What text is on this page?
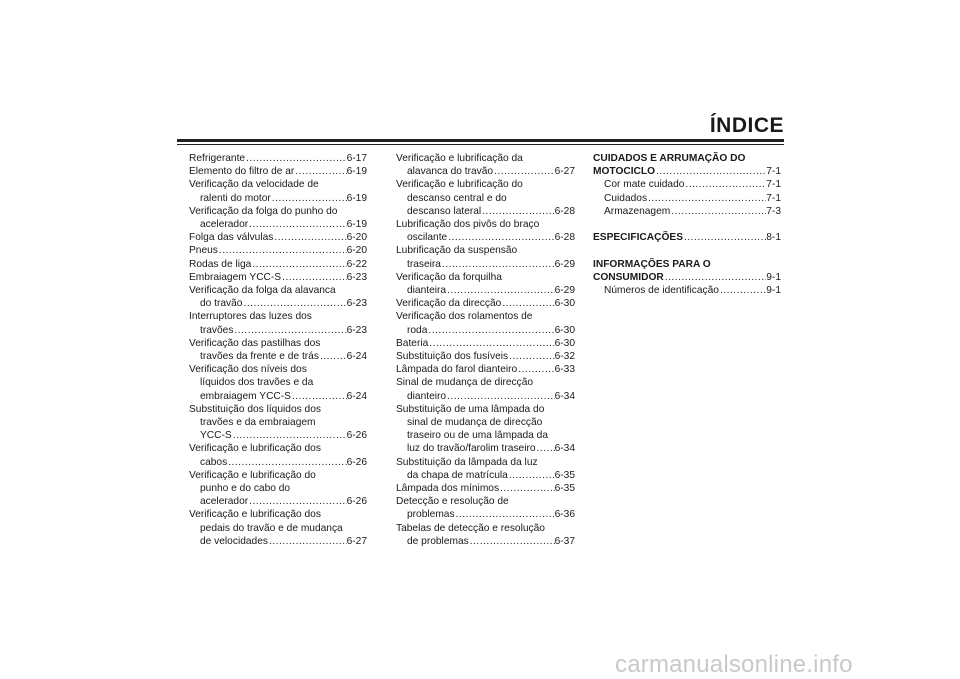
ÍNDICE
Refrigerante .....	6-17
Elemento do filtro de ar .....	6-19
Verificação da velocidade de
ralenti do motor .....	6-19
Verificação da folga do punho do
acelerador .....	6-19
Folga das válvulas .....	6-20
Pneus .....	6-20
Rodas de liga .....	6-22
Embraiagem YCC-S .....	6-23
Verificação da folga da alavanca
do travão .....	6-23
Interruptores das luzes dos
travões .....	6-23
Verificação das pastilhas dos
travões da frente e de trás .....	6-24
Verificação dos níveis dos
líquidos dos travões e da
embraiagem YCC-S .....	6-24
Substituição dos líquidos dos
travões e da embraiagem
YCC-S .....	6-26
Verificação e lubrificação dos
cabos .....	6-26
Verificação e lubrificação do
punho e do cabo do
acelerador .....	6-26
Verificação e lubrificação dos
pedais do travão e de mudança
de velocidades .....	6-27
Verificação e lubrificação da
alavanca do travão .....	6-27
Verificação e lubrificação do
descanso central e do
descanso lateral .....	6-28
Lubrificação dos pivôs do braço
oscilante .....	6-28
Lubrificação da suspensão
traseira .....	6-29
Verificação da forquilha
dianteira .....	6-29
Verificação da direcção .....	6-30
Verificação dos rolamentos de
roda .....	6-30
Bateria .....	6-30
Substituição dos fusíveis .....	6-32
Lâmpada do farol dianteiro .....	6-33
Sinal de mudança de direcção
dianteiro .....	6-34
Substituição de uma lâmpada do
sinal de mudança de direcção
traseiro ou de uma lâmpada da
luz do travão/farolim traseiro ..... 6-34
Substituição da lâmpada da luz
da chapa de matrícula .....	6-35
Lâmpada dos mínimos .....	6-35
Detecção e resolução de
problemas .....	6-36
Tabelas de detecção e resolução
de problemas .....	6-37
CUIDADOS E ARRUMAÇÃO DO
MOTOCICLO .....	7-1
Cor mate cuidado .....	7-1
Cuidados .....	7-1
Armazenagem .....	7-3
ESPECIFICAÇÕES .....	8-1
INFORMAÇÕES PARA O
CONSUMIDOR .....	9-1
Números de identificação .....	9-1
carmanualsonline.info
